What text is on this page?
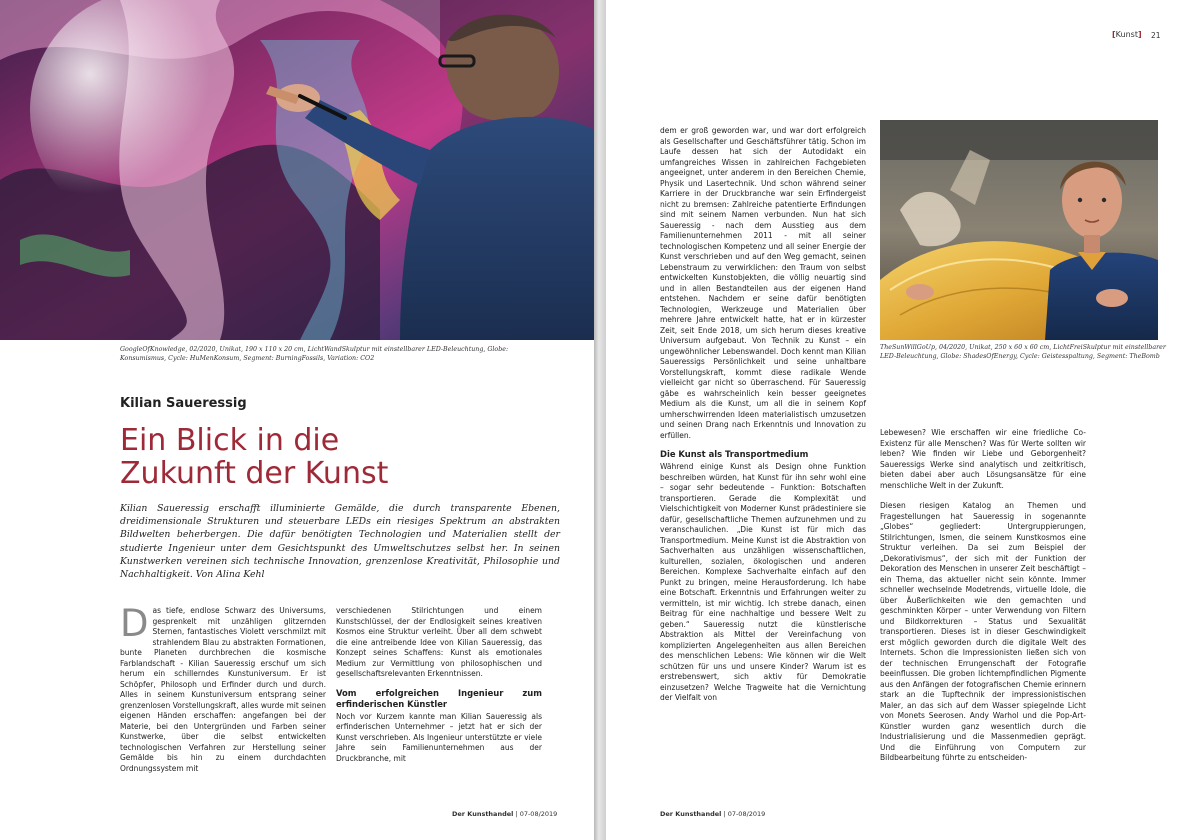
GoogleOfKnowledge, 02/2020, Unikat, 190 x 110 x 20 cm, LichtWandSkulptur mit einstellbarer LED-Beleuchtung, Globe: Konsumismus, Cycle: HuMenKonsum, Segment: BurningFossils, Variation: CO2
Kilian Saueressig
Ein Blick in die
Zukunft der Kunst

Kilian Saueressig erschafft illuminierte Gemälde, die durch transparente Ebenen, dreidimensionale Strukturen und steuerbare LEDs ein riesiges Spektrum an abstrakten Bildwelten beherbergen. Die dafür benötigten Technologien und Materialien stellt der studierte Ingenieur unter dem Gesichtspunkt des Umweltschutzes selbst her. In seinen Kunstwerken vereinen sich technische Innovation, grenzenlose Kreativität, Philosophie und Nachhaltigkeit. Von Alina Kehl

D as tiefe, endlose Schwarz des Universums, gesprenkelt mit unzähligen glitzernden Sternen, fantastisches Violett verschmilzt mit strahlendem Blau zu abstrakten Formationen, bunte Planeten durchbrechen die kosmische Farblandschaft - Kilian Saueressig erschuf um sich herum ein schillerndes Kunstuniversum. Er ist Schöpfer, Philosoph und Erfinder durch und durch. Alles in seinem Kunstuniversum entsprang seiner grenzenlosen Vorstellungskraft, alles wurde mit seinen eigenen Händen erschaffen: angefangen bei der Materie, bei den Untergründen und Farben seiner Kunstwerke, über die selbst entwickelten technologischen Verfahren zur Herstellung seiner Gemälde bis hin zu einem durchdachten Ordnungssystem mit

verschiedenen Stilrichtungen und einem Kunstschlüssel, der der Endlosigkeit seines kreativen Kosmos eine Struktur verleiht. Über all dem schwebt die eine antreibende Idee von Kilian Saueressig, das Konzept seines Schaffens: Kunst als emotionales Medium zur Vermittlung von philosophischen und gesellschaftsrelevanten Erkenntnissen.

Vom erfolgreichen Ingenieur zum erfinderischen Künstler

Noch vor Kurzem kannte man Kilian Saueressig als erfinderischen Unternehmer – jetzt hat er sich der Kunst verschrieben. Als Ingenieur unterstützte er viele Jahre sein Familienunternehmen aus der Druckbranche, mit

Der Kunsthandel | 07-08/2019
[Kunst] 21

dem er groß geworden war, und war dort erfolgreich als Gesellschafter und Geschäftsführer tätig. Schon im Laufe dessen hat sich der Autodidakt ein umfangreiches Wissen in zahlreichen Fachgebieten angeeignet, unter anderem in den Bereichen Chemie, Physik und Lasertechnik. Und schon während seiner Karriere in der Druckbranche war sein Erfindergeist nicht zu bremsen: Zahlreiche patentierte Erfindungen sind mit seinem Namen verbunden. Nun hat sich Saueressig - nach dem Ausstieg aus dem Familienunternehmen 2011 - mit all seiner technologischen Kompetenz und all seiner Energie der Kunst verschrieben und auf den Weg gemacht, seinen Lebenstraum zu verwirklichen: den Traum von selbst entwickelten Kunstobjekten, die völlig neuartig sind und in allen Bestandteilen aus der eigenen Hand entstehen. Nachdem er seine dafür benötigten Technologien, Werkzeuge und Materialien über mehrere Jahre entwickelt hatte, hat er in kürzester Zeit, seit Ende 2018, um sich herum dieses kreative Universum aufgebaut. Von Technik zu Kunst – ein ungewöhnlicher Lebenswandel. Doch kennt man Kilian Saueressigs Persönlichkeit und seine unhaltbare Vorstellungskraft, kommt diese radikale Wende vielleicht gar nicht so überraschend. Für Saueressig gäbe es wahrscheinlich kein besser geeignetes Medium als die Kunst, um all die in seinem Kopf umherschwirrenden Ideen materialistisch umzusetzen und seinen Drang nach Erkenntnis und Innovation zu erfüllen.

Die Kunst als Transportmedium

Während einige Kunst als Design ohne Funktion beschreiben würden, hat Kunst für ihn sehr wohl eine – sogar sehr bedeutende – Funktion: Botschaften transportieren. Gerade die Komplexität und Vielschichtigkeit von Moderner Kunst prädestiniere sie dafür, gesellschaftliche Themen aufzunehmen und zu veranschaulichen. „Die Kunst ist für mich das Transportmedium. Meine Kunst ist die Abstraktion von Sachverhalten aus unzähligen wissenschaftlichen, kulturellen, sozialen, ökologischen und anderen Bereichen. Komplexe Sachverhalte einfach auf den Punkt zu bringen, meine Herausforderung. Ich habe eine Botschaft. Erkenntnis und Erfahrungen weiter zu vermitteln, ist mir wichtig. Ich strebe danach, einen Beitrag für eine nachhaltige und bessere Welt zu geben.“ Saueressig nutzt die künstlerische Abstraktion als Mittel der Vereinfachung von komplizierten Angelegenheiten aus allen Bereichen des menschlichen Lebens: Wie können wir die Welt schützen für uns und unsere Kinder? Warum ist es erstrebenswert, sich aktiv für Demokratie einzusetzen? Welche Tragweite hat die Vernichtung der Vielfalt von

TheSunWillGoUp, 04/2020, Unikat, 250 x 60 x 60 cm, LichtFreiSkulptur mit einstellbarer LED-Beleuchtung, Globe: ShadesOfEnergy, Cycle: Geistesspaltung, Segment: TheBomb

Lebewesen? Wie erschaffen wir eine friedliche Co-Existenz für alle Menschen? Was für Werte sollten wir leben? Wie finden wir Liebe und Geborgenheit? Saueressigs Werke sind analytisch und zeitkritisch, bieten dabei aber auch Lösungsansätze für eine menschliche Welt in der Zukunft.

Diesen riesigen Katalog an Themen und Fragestellungen hat Saueressig in sogenannte „Globes“ gegliedert: Untergruppierungen, Stilrichtungen, Ismen, die seinem Kunstkosmos eine Struktur verleihen. Da sei zum Beispiel der „Dekorativismus“, der sich mit der Funktion der Dekoration des Menschen in unserer Zeit beschäftigt – ein Thema, das aktueller nicht sein könnte. Immer schneller wechselnde Modetrends, virtuelle Idole, die über Äußerlichkeiten wie den gemachten und geschminkten Körper – unter Verwendung von Filtern und Bildkorrekturen – Status und Sexualität transportieren. Dieses ist in dieser Geschwindigkeit erst möglich geworden durch die digitale Welt des Internets. Schon die Impressionisten ließen sich von der technischen Errungenschaft der Fotografie beeinflussen. Die groben lichtempfindlichen Pigmente aus den Anfängen der fotografischen Chemie erinnern stark an die Tupftechnik der impressionistischen Maler, an das sich auf dem Wasser spiegelnde Licht von Monets Seerosen. Andy Warhol und die Pop-Art-Künstler wurden ganz wesentlich durch die Industrialisierung und die Massenmedien geprägt. Und die Einführung von Computern zur Bildbearbeitung führte zu entscheiden-

Der Kunsthandel | 07-08/2019
